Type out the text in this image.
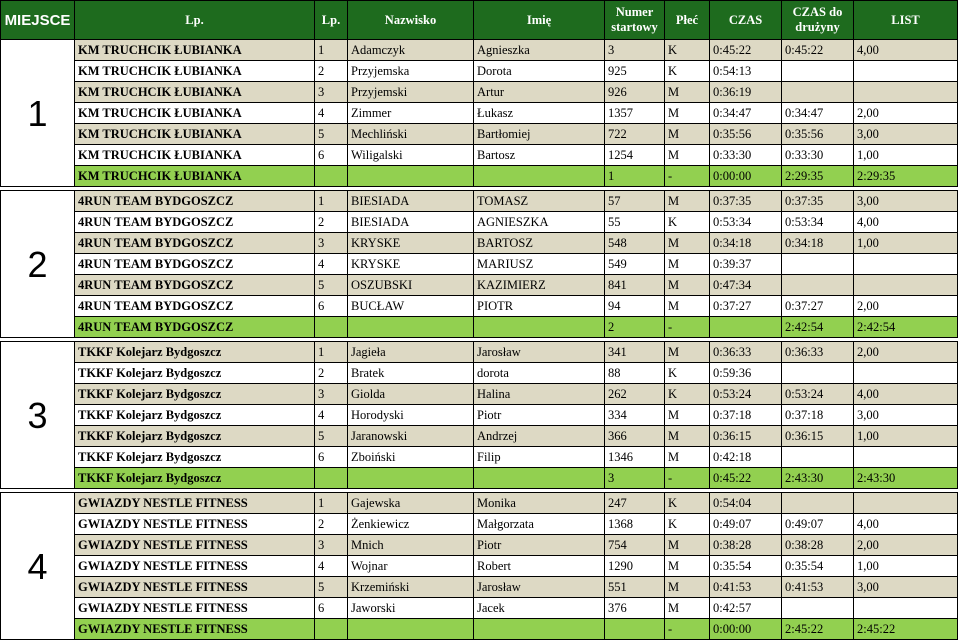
MIEJSCE	Lp.	Lp.	Nazwisko	Imię	Numer startowy	Płeć	CZAS	CZAS do drużyny	LIST
1	KM TRUCHCIK ŁUBIANKA	1	Adamczyk	Agnieszka	3	K	0:45:22	0:45:22	4,00
	KM TRUCHCIK ŁUBIANKA	2	Przyjemska	Dorota	925	K	0:54:13		
	KM TRUCHCIK ŁUBIANKA	3	Przyjemski	Artur	926	M	0:36:19		
	KM TRUCHCIK ŁUBIANKA	4	Zimmer	Łukasz	1357	M	0:34:47	0:34:47	2,00
	KM TRUCHCIK ŁUBIANKA	5	Mechliński	Bartłomiej	722	M	0:35:56	0:35:56	3,00
	KM TRUCHCIK ŁUBIANKA	6	Wiligalski	Bartosz	1254	M	0:33:30	0:33:30	1,00
	KM TRUCHCIK ŁUBIANKA				1	-	0:00:00	2:29:35	2:29:35

2	4RUN TEAM BYDGOSZCZ	1	BIESIADA	TOMASZ	57	M	0:37:35	0:37:35	3,00
	4RUN TEAM BYDGOSZCZ	2	BIESIADA	AGNIESZKA	55	K	0:53:34	0:53:34	4,00
	4RUN TEAM BYDGOSZCZ	3	KRYSKE	BARTOSZ	548	M	0:34:18	0:34:18	1,00
	4RUN TEAM BYDGOSZCZ	4	KRYSKE	MARIUSZ	549	M	0:39:37		
	4RUN TEAM BYDGOSZCZ	5	OSZUBSKI	KAZIMIERZ	841	M	0:47:34		
	4RUN TEAM BYDGOSZCZ	6	BUCŁAW	PIOTR	94	M	0:37:27	0:37:27	2,00
	4RUN TEAM BYDGOSZCZ				2	-		2:42:54	2:42:54

3	TKKF Kolejarz Bydgoszcz	1	Jagieła	Jarosław	341	M	0:36:33	0:36:33	2,00
	TKKF Kolejarz Bydgoszcz	2	Bratek	dorota	88	K	0:59:36		
	TKKF Kolejarz Bydgoszcz	3	Giolda	Halina	262	K	0:53:24	0:53:24	4,00
	TKKF Kolejarz Bydgoszcz	4	Horodyski	Piotr	334	M	0:37:18	0:37:18	3,00
	TKKF Kolejarz Bydgoszcz	5	Jaranowski	Andrzej	366	M	0:36:15	0:36:15	1,00
	TKKF Kolejarz Bydgoszcz	6	Zboiński	Filip	1346	M	0:42:18		
	TKKF Kolejarz Bydgoszcz				3	-	0:45:22	2:43:30	2:43:30

4	GWIAZDY NESTLE FITNESS	1	Gajewska	Monika	247	K	0:54:04		
	GWIAZDY NESTLE FITNESS	2	Żenkiewicz	Małgorzata	1368	K	0:49:07	0:49:07	4,00
	GWIAZDY NESTLE FITNESS	3	Mnich	Piotr	754	M	0:38:28	0:38:28	2,00
	GWIAZDY NESTLE FITNESS	4	Wojnar	Robert	1290	M	0:35:54	0:35:54	1,00
	GWIAZDY NESTLE FITNESS	5	Krzemiński	Jarosław	551	M	0:41:53	0:41:53	3,00
	GWIAZDY NESTLE FITNESS	6	Jaworski	Jacek	376	M	0:42:57		
	GWIAZDY NESTLE FITNESS					-	0:00:00	2:45:22	2:45:22
